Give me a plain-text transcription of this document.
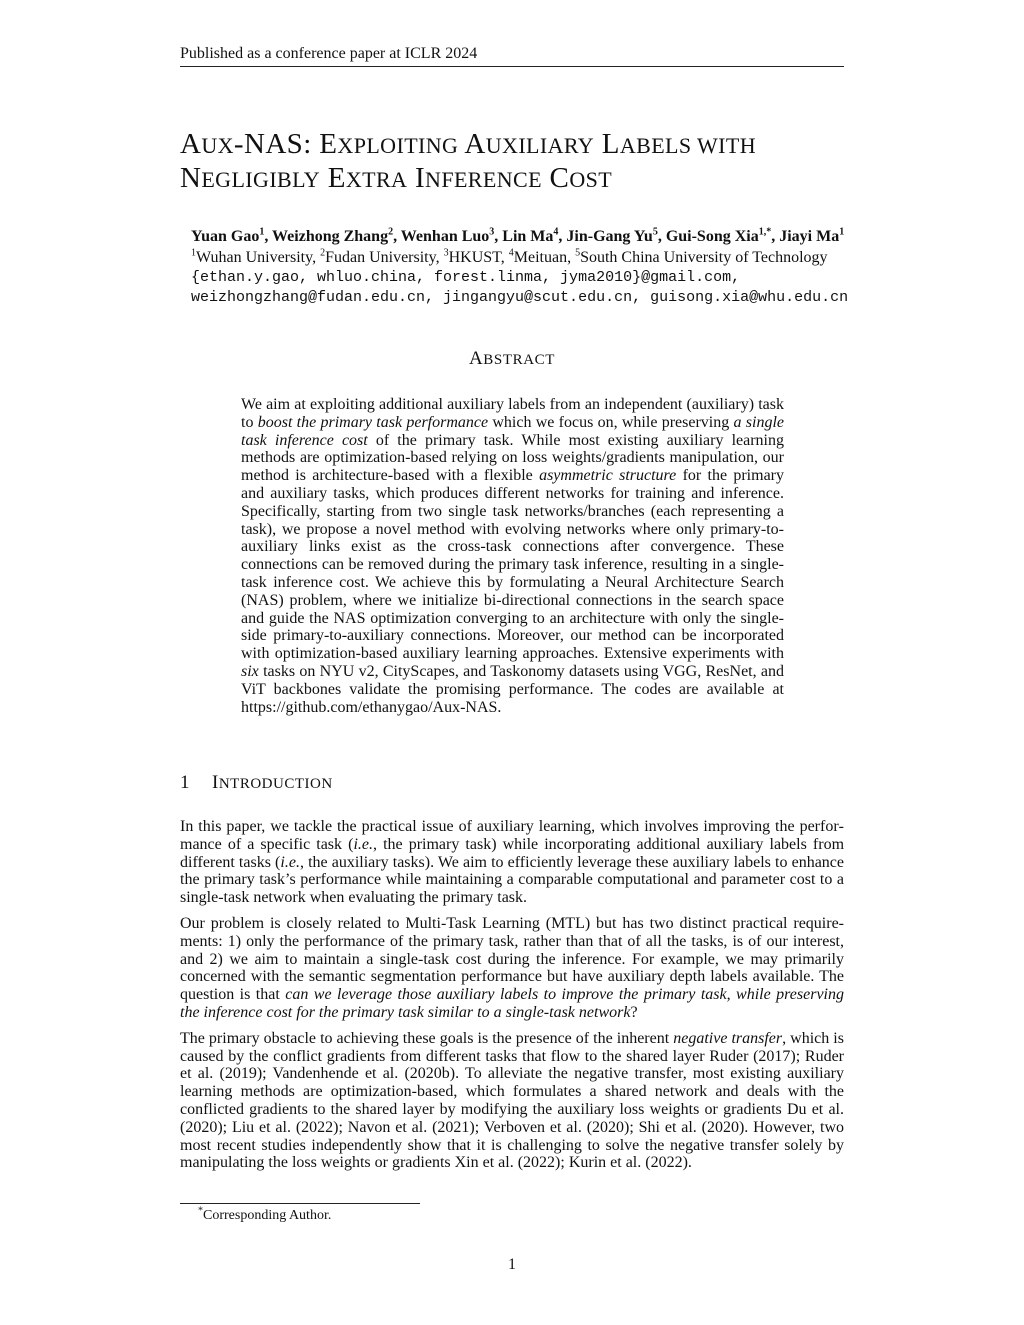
Published as a conference paper at ICLR 2024
AUX-NAS: EXPLOITING AUXILIARY LABELS WITH
NEGLIGIBLY EXTRA INFERENCE COST
Yuan Gao$^1$, Weizhong Zhang$^2$, Wenhan Luo$^3$, Lin Ma$^4$, Jin-Gang Yu$^5$, Gui-Song Xia$^{1,*}$, Jiayi Ma$^1$
$^1$Wuhan University, $^2$Fudan University, $^3$HKUST, $^4$Meituan, $^5$South China University of Technology
{ethan.y.gao, whluo.china, forest.linma, jyma2010}@gmail.com,
weizhongzhang@fudan.edu.cn, jingangyu@scut.edu.cn, guisong.xia@whu.edu.cn
ABSTRACT
We aim at exploiting additional auxiliary labels from an independent (auxiliary) task to boost the primary task performance which we focus on, while preserving a single task inference cost of the primary task. While most existing auxiliary learning methods are optimization-based relying on loss weights/gradients manipulation, our method is architecture-based with a flexible asymmetric structure for the primary and auxiliary tasks, which produces different networks for training and inference. Specifically, starting from two single task networks/branches (each representing a task), we propose a novel method with evolving networks where only primary-to-auxiliary links exist as the cross-task connections after convergence. These connections can be removed during the primary task inference, resulting in a single-task inference cost. We achieve this by formulating a Neural Architecture Search (NAS) problem, where we initialize bi-directional connections in the search space and guide the NAS optimization converging to an architecture with only the single-side primary-to-auxiliary connections. Moreover, our method can be incorporated with optimization-based auxiliary learning approaches. Extensive experiments with six tasks on NYU v2, CityScapes, and Taskonomy datasets using VGG, ResNet, and ViT backbones validate the promising performance. The codes are available at https://github.com/ethanygao/Aux-NAS.
1 INTRODUCTION

In this paper, we tackle the practical issue of auxiliary learning, which involves improving the performance of a specific task (i.e., the primary task) while incorporating additional auxiliary labels from different tasks (i.e., the auxiliary tasks). We aim to efficiently leverage these auxiliary labels to enhance the primary task’s performance while maintaining a comparable computational and parameter cost to a single-task network when evaluating the primary task.

Our problem is closely related to Multi-Task Learning (MTL) but has two distinct practical requirements: 1) only the performance of the primary task, rather than that of all the tasks, is of our interest, and 2) we aim to maintain a single-task cost during the inference. For example, we may primarily concerned with the semantic segmentation performance but have auxiliary depth labels available. The question is that can we leverage those auxiliary labels to improve the primary task, while preserving the inference cost for the primary task similar to a single-task network?

The primary obstacle to achieving these goals is the presence of the inherent negative transfer, which is caused by the conflict gradients from different tasks that flow to the shared layer Ruder (2017); Ruder et al. (2019); Vandenhende et al. (2020b). To alleviate the negative transfer, most existing auxiliary learning methods are optimization-based, which formulates a shared network and deals with the conflicted gradients to the shared layer by modifying the auxiliary loss weights or gradients Du et al. (2020); Liu et al. (2022); Navon et al. (2021); Verboven et al. (2020); Shi et al. (2020). However, two most recent studies independently show that it is challenging to solve the negative transfer solely by manipulating the loss weights or gradients Xin et al. (2022); Kurin et al. (2022).

*Corresponding Author.
1
